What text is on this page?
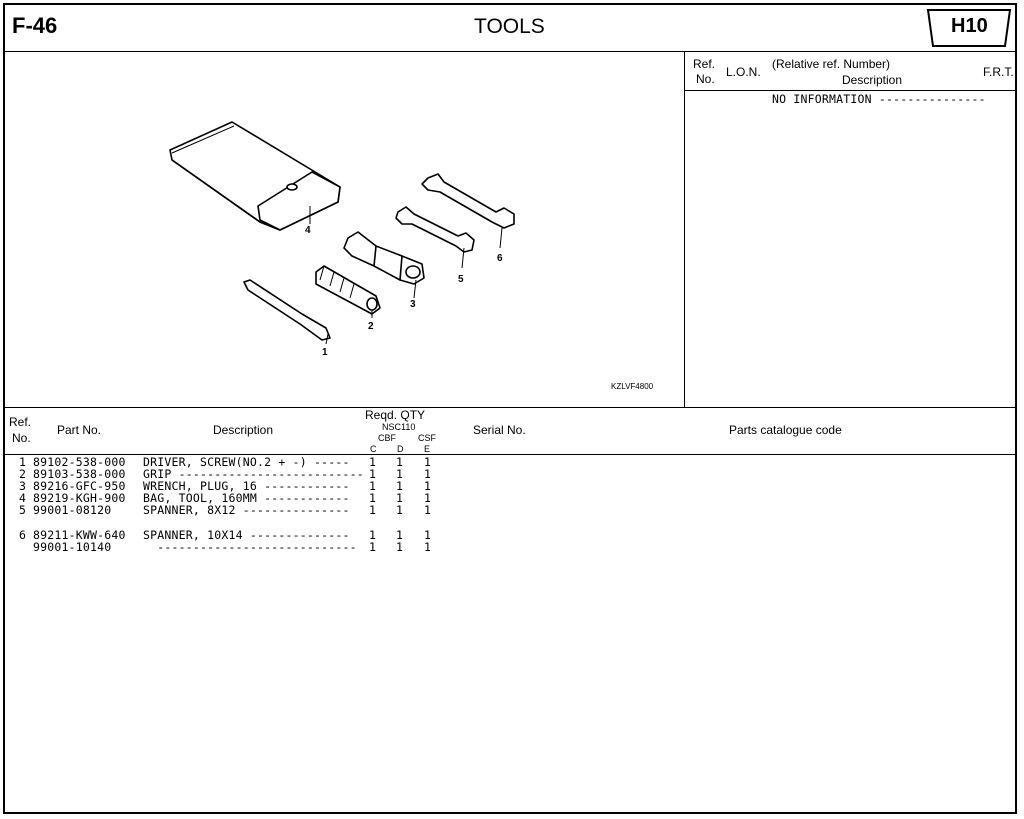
F-46	TOOLS	H10
Ref.
No. L.O.N.
(Relative ref. Number)
Description
F.R.T.
NO INFORMATION ---------------
1
2
3
4
5
6
KZLVF4800
Ref.
No.
Part No.	Description
Reqd. QTY
NSC110
CBF CSF
C D E
Serial No.	Parts catalogue code
1 89102-538-000 DRIVER, SCREW(NO.2 + -) ----- 1 1 1
2 89103-538-000 GRIP -------------------------- 1 1 1
3 89216-GFC-950 WRENCH, PLUG, 16 ------------ 1 1 1
4 89219-KGH-900 BAG, TOOL, 160MM ------------ 1 1 1
5 99001-08120	SPANNER, 8X12 --------------- 1 1 1
6 89211-KWW-640 SPANNER, 10X14 -------------- 1 1 1
99001-10140	---------------------------- 1 1 1
